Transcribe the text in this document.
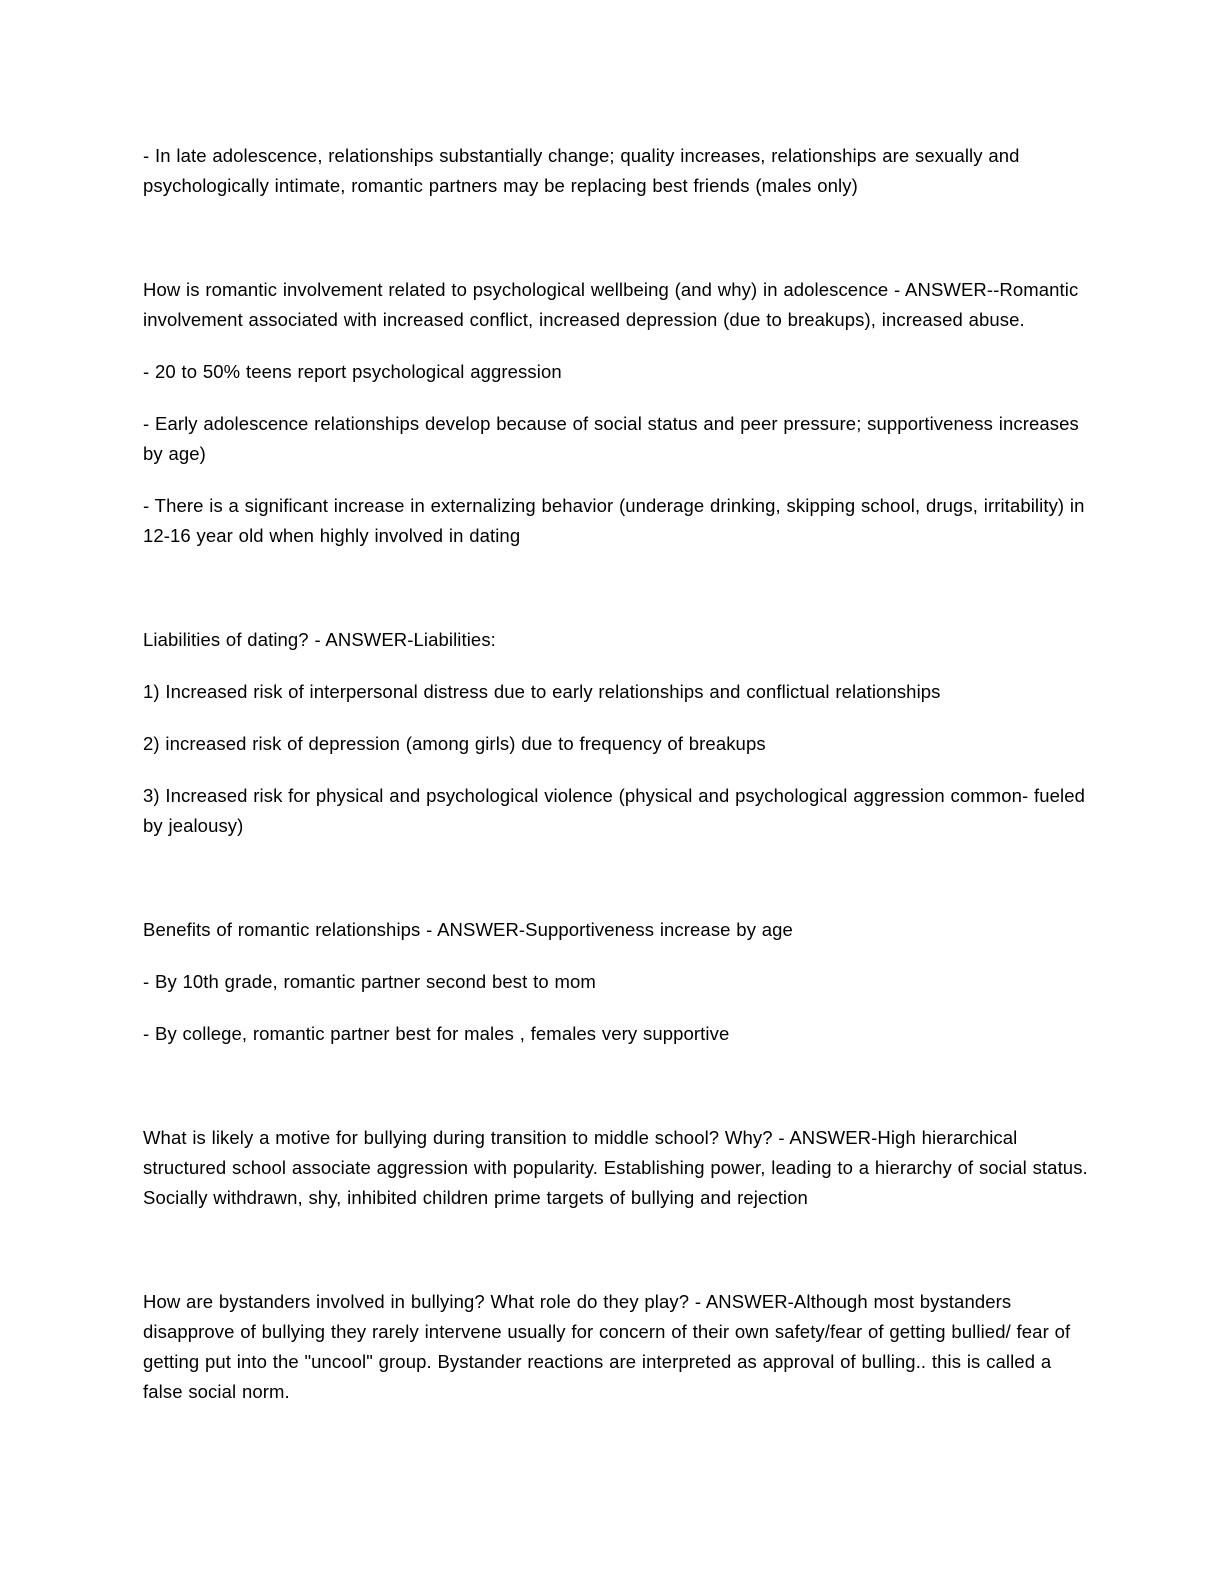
- In late adolescence, relationships substantially change; quality increases, relationships are sexually and psychologically intimate, romantic partners may be replacing best friends (males only)

How is romantic involvement related to psychological wellbeing (and why) in adolescence - ANSWER--Romantic involvement associated with increased conflict, increased depression (due to breakups), increased abuse.

- 20 to 50% teens report psychological aggression

- Early adolescence relationships develop because of social status and peer pressure; supportiveness increases by age)

- There is a significant increase in externalizing behavior (underage drinking, skipping school, drugs, irritability) in 12-16 year old when highly involved in dating

Liabilities of dating? - ANSWER-Liabilities:

1) Increased risk of interpersonal distress due to early relationships and conflictual relationships

2) increased risk of depression (among girls) due to frequency of breakups

3) Increased risk for physical and psychological violence (physical and psychological aggression common- fueled by jealousy)

Benefits of romantic relationships - ANSWER-Supportiveness increase by age

- By 10th grade, romantic partner second best to mom

- By college, romantic partner best for males , females very supportive

What is likely a motive for bullying during transition to middle school? Why? - ANSWER-High hierarchical structured school associate aggression with popularity. Establishing power, leading to a hierarchy of social status. Socially withdrawn, shy, inhibited children prime targets of bullying and rejection

How are bystanders involved in bullying? What role do they play? - ANSWER-Although most bystanders disapprove of bullying they rarely intervene usually for concern of their own safety/fear of getting bullied/ fear of getting put into the "uncool" group. Bystander reactions are interpreted as approval of bulling.. this is called a false social norm.
